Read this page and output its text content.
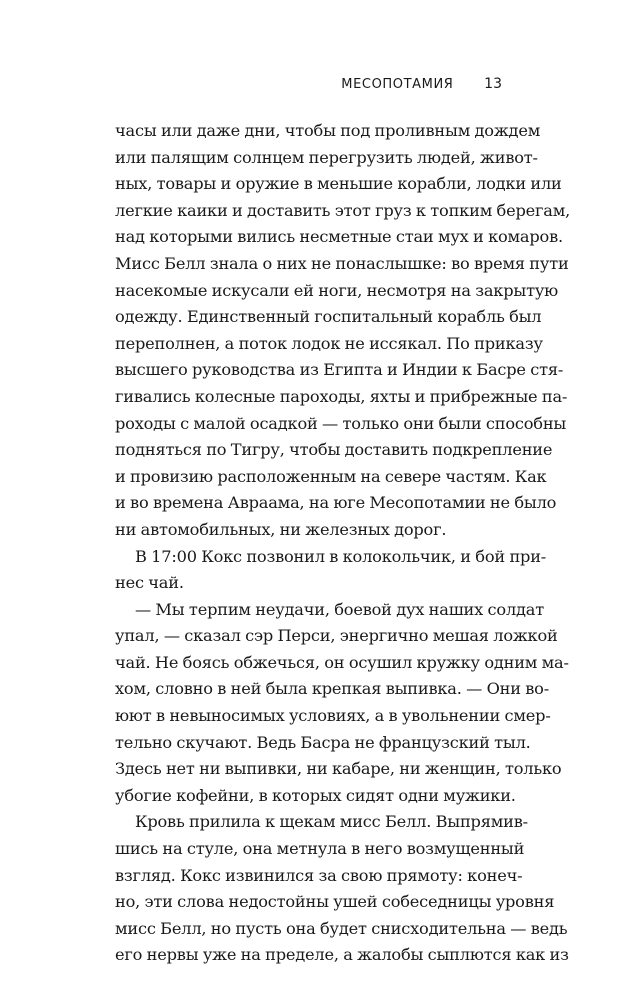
МЕСОПОТАМИЯ 13
часы или даже дни, чтобы под проливным дождем
или палящим солнцем перегрузить людей, живот-
ных, товары и оружие в меньшие корабли, лодки или
легкие каики и доставить этот груз к топким берегам,
над которыми вились несметные стаи мух и комаров.
Мисс Белл знала о них не понаслышке: во время пути
насекомые искусали ей ноги, несмотря на закрытую
одежду. Единственный госпитальный корабль был
переполнен, а поток лодок не иссякал. По приказу
высшего руководства из Египта и Индии к Басре стя-
гивались колесные пароходы, яхты и прибрежные па-
роходы с малой осадкой — только они были способны
подняться по Тигру, чтобы доставить подкрепление
и провизию расположенным на севере частям. Как
и во времена Авраама, на юге Месопотамии не было
ни автомобильных, ни железных дорог.
В 17:00 Кокс позвонил в колокольчик, и бой при-
нес чай.
— Мы терпим неудачи, боевой дух наших солдат
упал, — сказал сэр Перси, энергично мешая ложкой
чай. Не боясь обжечься, он осушил кружку одним ма-
хом, словно в ней была крепкая выпивка. — Они во-
юют в невыносимых условиях, а в увольнении смер-
тельно скучают. Ведь Басра не французский тыл.
Здесь нет ни выпивки, ни кабаре, ни женщин, только
убогие кофейни, в которых сидят одни мужики.
Кровь прилила к щекам мисс Белл. Выпрямив-
шись на стуле, она метнула в него возмущенный
взгляд. Кокс извинился за свою прямоту: конеч-
но, эти слова недостойны ушей собеседницы уровня
мисс Белл, но пусть она будет снисходительна — ведь
его нервы уже на пределе, а жалобы сыплются как из
